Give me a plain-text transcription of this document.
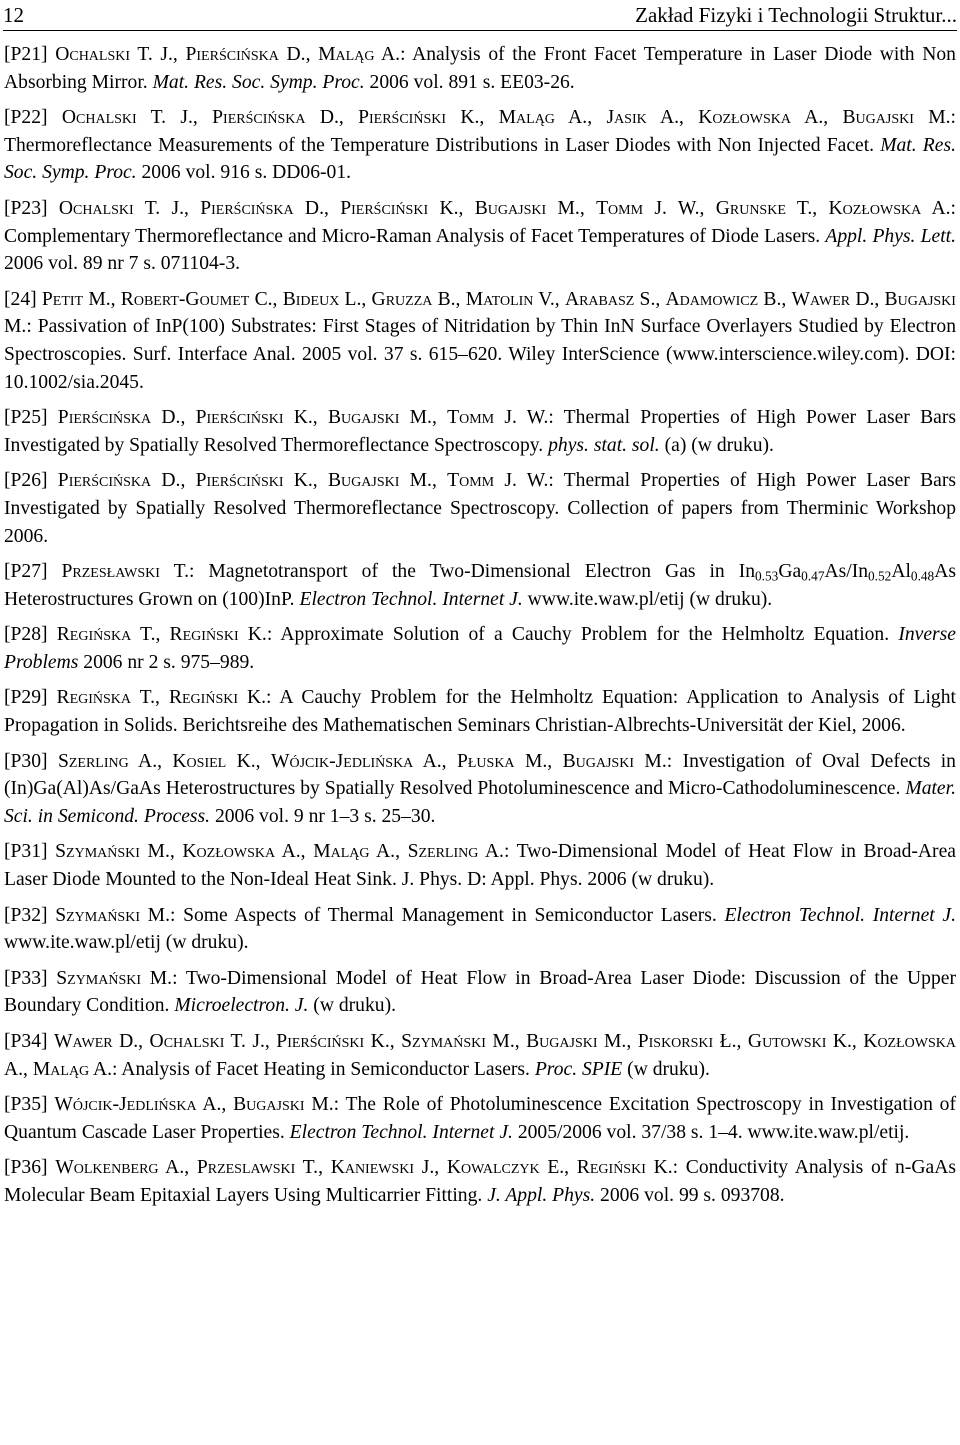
12	Zakład Fizyki i Technologii Struktur...

[P21] Ochalski T. J., Pierścińska D., Maląg A.: Analysis of the Front Facet Temperature in Laser Diode with Non Absorbing Mirror. Mat. Res. Soc. Symp. Proc. 2006 vol. 891 s. EE03-26.

[P22] Ochalski T. J., Pierścińska D., Pierściński K., Maląg A., Jasik A., Kozłowska A., Bugajski M.: Thermoreflectance Measurements of the Temperature Distributions in Laser Diodes with Non Injected Facet. Mat. Res. Soc. Symp. Proc. 2006 vol. 916 s. DD06-01.

[P23] Ochalski T. J., Pierścińska D., Pierściński K., Bugajski M., Tomm J. W., Grunske T., Kozłowska A.: Complementary Thermoreflectance and Micro-Raman Analysis of Facet Temperatures of Diode Lasers. Appl. Phys. Lett. 2006 vol. 89 nr 7 s. 071104-3.

[24] Petit M., Robert-Goumet C., Bideux L., Gruzza B., Matolin V., Arabasz S., Adamowicz B., Wawer D., Bugajski M.: Passivation of InP(100) Substrates: First Stages of Nitridation by Thin InN Surface Overlayers Studied by Electron Spectroscopies. Surf. Interface Anal. 2005 vol. 37 s. 615–620. Wiley InterScience (www.interscience.wiley.com). DOI: 10.1002/sia.2045.

[P25] Pierścińska D., Pierściński K., Bugajski M., Tomm J. W.: Thermal Properties of High Power Laser Bars Investigated by Spatially Resolved Thermoreflectance Spectroscopy. phys. stat. sol. (a) (w druku).

[P26] Pierścińska D., Pierściński K., Bugajski M., Tomm J. W.: Thermal Properties of High Power Laser Bars Investigated by Spatially Resolved Thermoreflectance Spectroscopy. Collection of papers from Therminic Workshop 2006.

[P27] Przesławski T.: Magnetotransport of the Two-Dimensional Electron Gas in $In_{0.53}Ga_{0.47}As/In_{0.52}Al_{0.48}As$ Heterostructures Grown on (100)InP. Electron Technol. Internet J. www.ite.waw.pl/etij (w druku).

[P28] Regińska T., Regiński K.: Approximate Solution of a Cauchy Problem for the Helmholtz Equation. Inverse Problems 2006 nr 2 s. 975–989.

[P29] Regińska T., Regiński K.: A Cauchy Problem for the Helmholtz Equation: Application to Analysis of Light Propagation in Solids. Berichtsreihe des Mathematischen Seminars Christian-Albrechts-Universität der Kiel, 2006.

[P30] Szerling A., Kosiel K., Wójcik-Jedlińska A., Płuska M., Bugajski M.: Investigation of Oval Defects in (In)Ga(Al)As/GaAs Heterostructures by Spatially Resolved Photoluminescence and Micro-Cathodoluminescence. Mater. Sci. in Semicond. Process. 2006 vol. 9 nr 1–3 s. 25–30.

[P31] Szymański M., Kozłowska A., Maląg A., Szerling A.: Two-Dimensional Model of Heat Flow in Broad-Area Laser Diode Mounted to the Non-Ideal Heat Sink. J. Phys. D: Appl. Phys. 2006 (w druku).

[P32] Szymański M.: Some Aspects of Thermal Management in Semiconductor Lasers. Electron Technol. Internet J. www.ite.waw.pl/etij (w druku).

[P33] Szymański M.: Two-Dimensional Model of Heat Flow in Broad-Area Laser Diode: Discussion of the Upper Boundary Condition. Microelectron. J. (w druku).

[P34] Wawer D., Ochalski T. J., Pierściński K., Szymański M., Bugajski M., Piskorski Ł., Gutowski K., Kozłowska A., Maląg A.: Analysis of Facet Heating in Semiconductor Lasers. Proc. SPIE (w druku).

[P35] Wójcik-Jedlińska A., Bugajski M.: The Role of Photoluminescence Excitation Spectroscopy in Investigation of Quantum Cascade Laser Properties. Electron Technol. Internet J. 2005/2006 vol. 37/38 s. 1–4. www.ite.waw.pl/etij.

[P36] Wolkenberg A., Przeslawski T., Kaniewski J., Kowalczyk E., Regiński K.: Conductivity Analysis of n-GaAs Molecular Beam Epitaxial Layers Using Multicarrier Fitting. J. Appl. Phys. 2006 vol. 99 s. 093708.
